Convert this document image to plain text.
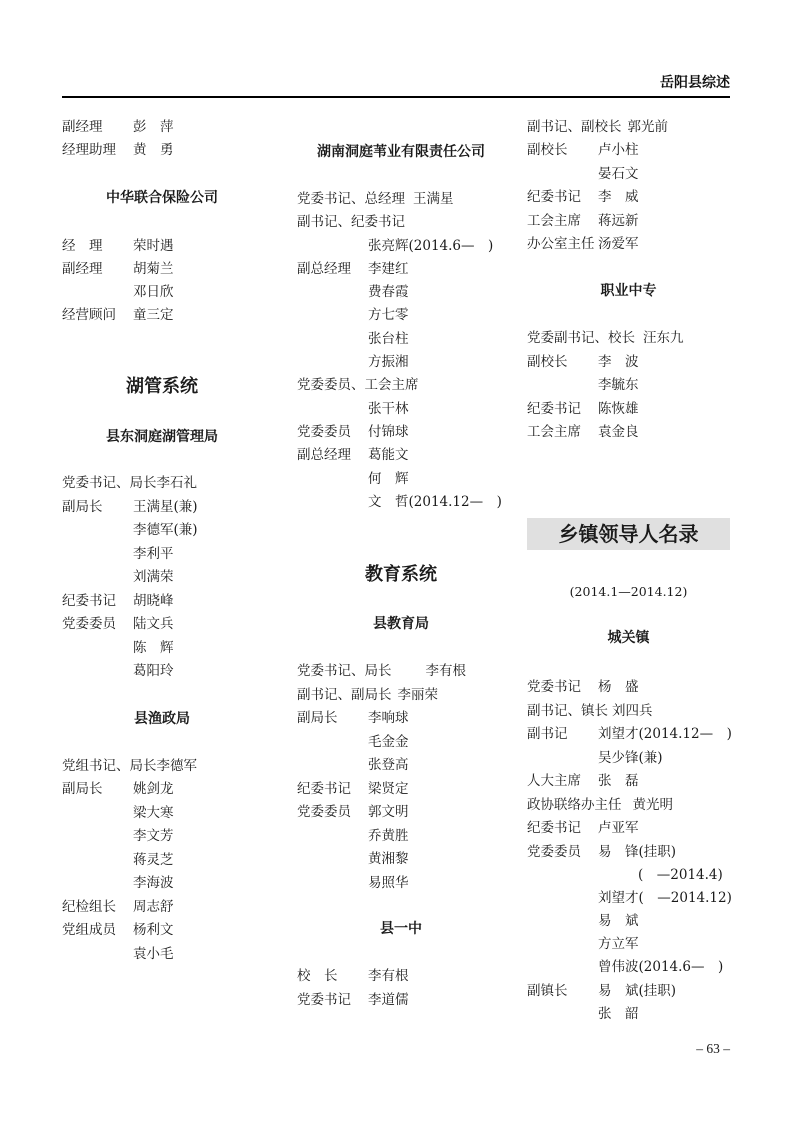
岳阳县综述
副经理 彭　萍
经理助理 黄　勇
中华联合保险公司
经　理 荣时遇
副经理 胡菊兰
邓日欣
经营顾问 童三定
湖管系统
县东洞庭湖管理局
党委书记、局长李石礼
副局长 王满星(兼)
李德军(兼)
李利平
刘满荣
纪委书记 胡晓峰
党委委员 陆文兵
陈　辉
葛阳玲
县渔政局
党组书记、局长李德军
副局长 姚剑龙
梁大寒
李文芳
蒋灵芝
李海波
纪检组长 周志舒
党组成员 杨利文
袁小毛
湖南洞庭苇业有限责任公司
党委书记、总经理 王满星
副书记、纪委书记
张亮辉(2014.6—　)
副总经理 李建红
费春霞
方七零
张台柱
方振湘
党委委员、工会主席
张干林
党委委员 付锦球
副总经理 葛能文
何　辉
文　哲(2014.12—　)
教育系统
县教育局
党委书记、局长	李有根
副书记、副局长 李丽荣
副局长 李响球
毛金金
张登高
纪委书记 梁贤定
党委委员 郭文明
乔黄胜
黄湘黎
易照华
县一中
校　长 李有根
党委书记 李道儒
副书记、副校长 郭光前
副校长 卢小柱
晏石文
纪委书记 李　威
工会主席 蒋远新
办公室主任 汤爱军
职业中专
党委副书记、校长 汪东九
副校长 李　波
李毓东
纪委书记 陈恢雄
工会主席 袁金良
乡镇领导人名录
(2014.1—2014.12)
城关镇
党委书记 杨　盛
副书记、镇长 刘四兵
副书记 刘望才(2014.12—　)
吴少锋(兼)
人大主席 张　磊
政协联络办主任 黄光明
纪委书记 卢亚军
党委委员 易　锋(挂职)
(　—2014.4)
刘望才(　—2014.12)
易　斌
方立军
曾伟波(2014.6—　)
副镇长 易　斌(挂职)
张　韶
– 63 –
